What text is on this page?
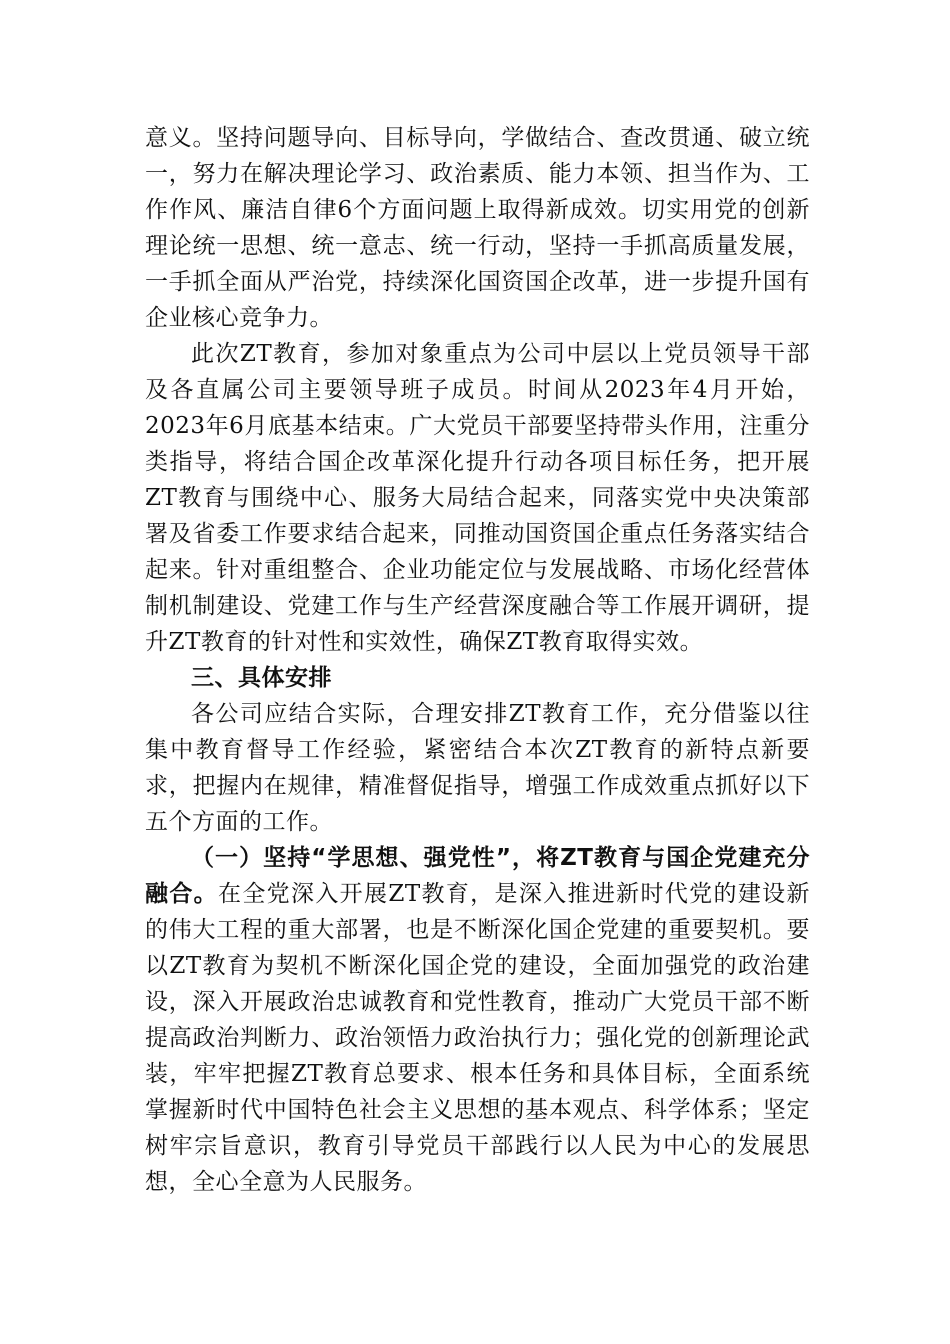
意义。坚持问题导向、目标导向，学做结合、查改贯通、破立统一，努力在解决理论学习、政治素质、能力本领、担当作为、工作作风、廉洁自律6个方面问题上取得新成效。切实用党的创新理论统一思想、统一意志、统一行动，坚持一手抓高质量发展，一手抓全面从严治党，持续深化国资国企改革，进一步提升国有企业核心竞争力。

此次ZT教育，参加对象重点为公司中层以上党员领导干部及各直属公司主要领导班子成员。时间从2023年4月开始，2023年6月底基本结束。广大党员干部要坚持带头作用，注重分类指导，将结合国企改革深化提升行动各项目标任务，把开展ZT教育与围绕中心、服务大局结合起来，同落实党中央决策部署及省委工作要求结合起来，同推动国资国企重点任务落实结合起来。针对重组整合、企业功能定位与发展战略、市场化经营体制机制建设、党建工作与生产经营深度融合等工作展开调研，提升ZT教育的针对性和实效性，确保ZT教育取得实效。

三、具体安排

各公司应结合实际，合理安排ZT教育工作，充分借鉴以往集中教育督导工作经验，紧密结合本次ZT教育的新特点新要求，把握内在规律，精准督促指导，增强工作成效重点抓好以下五个方面的工作。

（一）坚持“学思想、强党性”，将ZT教育与国企党建充分融合。在全党深入开展ZT教育，是深入推进新时代党的建设新的伟大工程的重大部署，也是不断深化国企党建的重要契机。要以ZT教育为契机不断深化国企党的建设，全面加强党的政治建设，深入开展政治忠诚教育和党性教育，推动广大党员干部不断提高政治判断力、政治领悟力政治执行力；强化党的创新理论武装，牢牢把握ZT教育总要求、根本任务和具体目标，全面系统掌握新时代中国特色社会主义思想的基本观点、科学体系；坚定树牢宗旨意识，教育引导党员干部践行以人民为中心的发展思想，全心全意为人民服务。
